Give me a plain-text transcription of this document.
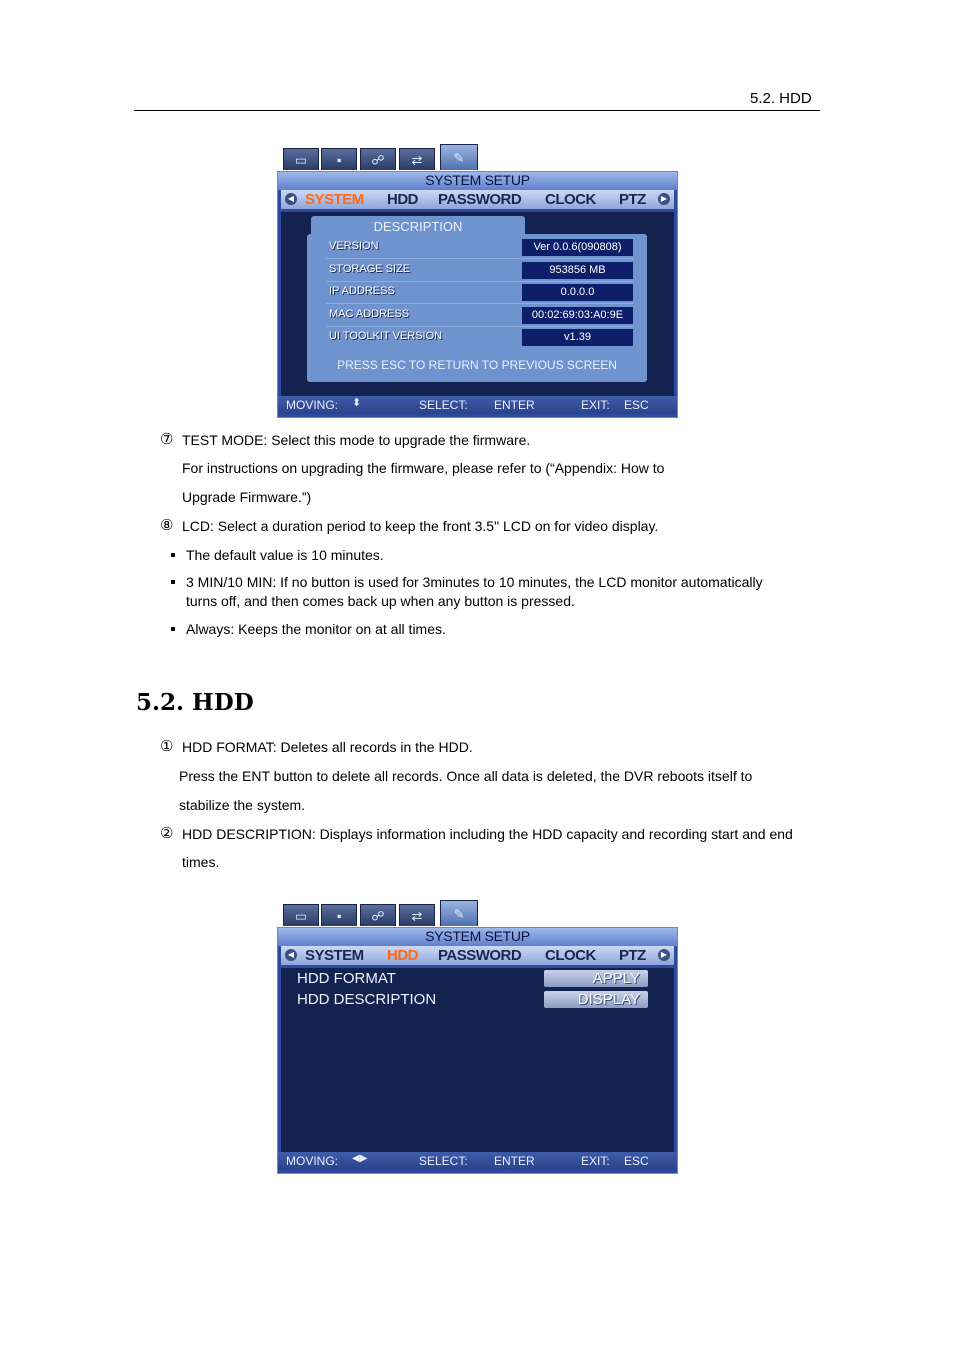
5.2. HDD
▭ ▪ ☍ ⇄ ✎
SYSTEM SETUP
◀ SYSTEM HDD PASSWORD CLOCK PTZ	▶
VERSION	Ver 0.0.6(090808)
STORAGE SIZE	953856 MB
IP ADDRESS	0.0.0.0
MAC ADDRESS	00:02:69:03:A0:9E
UI TOOLKIT VERSION	v1.39
PRESS ESC TO RETURN TO PREVIOUS SCREEN
DESCRIPTION
MOVING: ⬍	SELECT: ENTER	EXIT: ESC
⑦ TEST MODE: Select this mode to upgrade the firmware.
For instructions on upgrading the firmware, please refer to (“Appendix: How to
Upgrade Firmware.”)
⑧ LCD: Select a duration period to keep the front 3.5" LCD on for video display.
The default value is 10 minutes.
3 MIN/10 MIN: If no button is used for 3minutes to 10 minutes, the LCD monitor automatically
turns off, and then comes back up when any button is pressed.
Always: Keeps the monitor on at all times.
5.2. HDD
① HDD FORMAT: Deletes all records in the HDD.
Press the ENT button to delete all records. Once all data is deleted, the DVR reboots itself to
stabilize the system.
② HDD DESCRIPTION: Displays information including the HDD capacity and recording start and end
times.
▭ ▪ ☍ ⇄ ✎
SYSTEM SETUP
◀ SYSTEM HDD PASSWORD CLOCK PTZ	▶
HDD FORMAT	APPLY
HDD DESCRIPTION	DISPLAY
MOVING: ◀▶	SELECT: ENTER	EXIT: ESC
